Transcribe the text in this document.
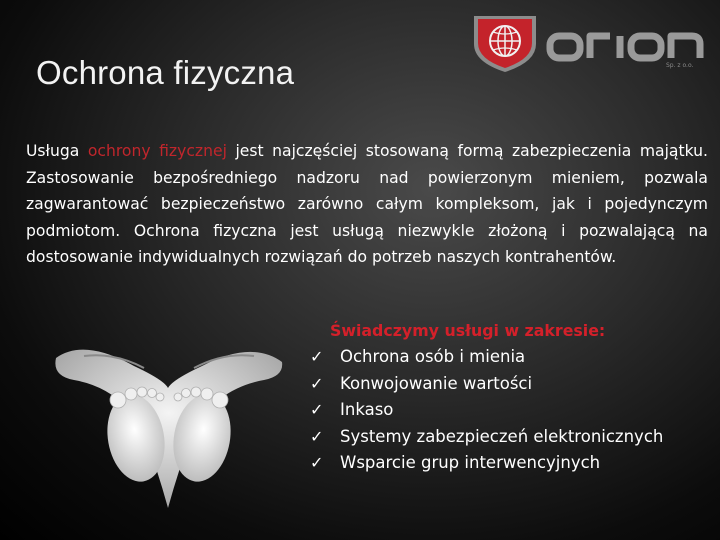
Ochrona fizyczna	Sp. z o.o.
Usługa ochrony fizycznej jest najczęściej stosowaną formą zabezpieczenia majątku. Zastosowanie bezpośredniego nadzoru nad powierzonym mieniem, pozwala zagwarantować bezpieczeństwo zarówno całym kompleksom, jak i pojedynczym podmiotom. Ochrona fizyczna jest usługą niezwykle złożoną i pozwalającą na dostosowanie indywidualnych rozwiązań do potrzeb naszych kontrahentów.
Świadczymy usługi w zakresie:
✓ Ochrona osób i mienia
✓ Konwojowanie wartości
✓ Inkaso
✓ Systemy zabezpieczeń elektronicznych
✓ Wsparcie grup interwencyjnych
